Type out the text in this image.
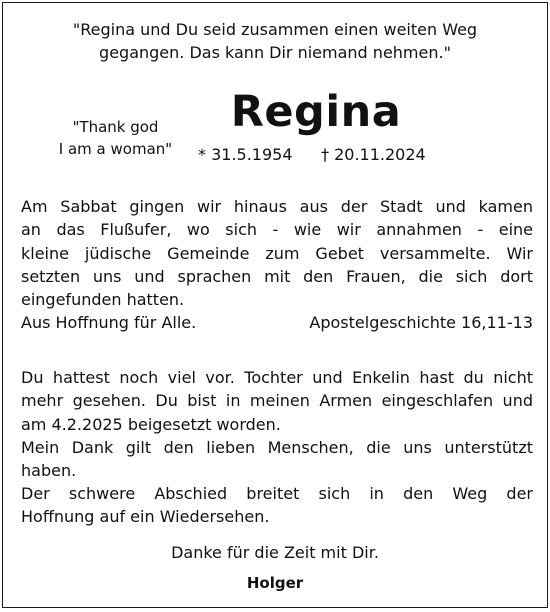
"Regina und Du seid zusammen einen weiten Weg
gegangen. Das kann Dir niemand nehmen."
"Thank god
I am a woman"
Regina
* 31.5.1954 † 20.11.2024
Am Sabbat gingen wir hinaus aus der Stadt und kamen
an das Flußufer, wo sich - wie wir annahmen - eine
kleine jüdische Gemeinde zum Gebet versammelte. Wir
setzten uns und sprachen mit den Frauen, die sich dort
eingefunden hatten.
Aus Hoffnung für Alle.	Apostelgeschichte 16,11-13
Du hattest noch viel vor. Tochter und Enkelin hast du nicht
mehr gesehen. Du bist in meinen Armen eingeschlafen und
am 4.2.2025 beigesetzt worden.
Mein Dank gilt den lieben Menschen, die uns unterstützt
haben.
Der schwere Abschied breitet sich in den Weg der
Hoffnung auf ein Wiedersehen.
Danke für die Zeit mit Dir.
Holger
